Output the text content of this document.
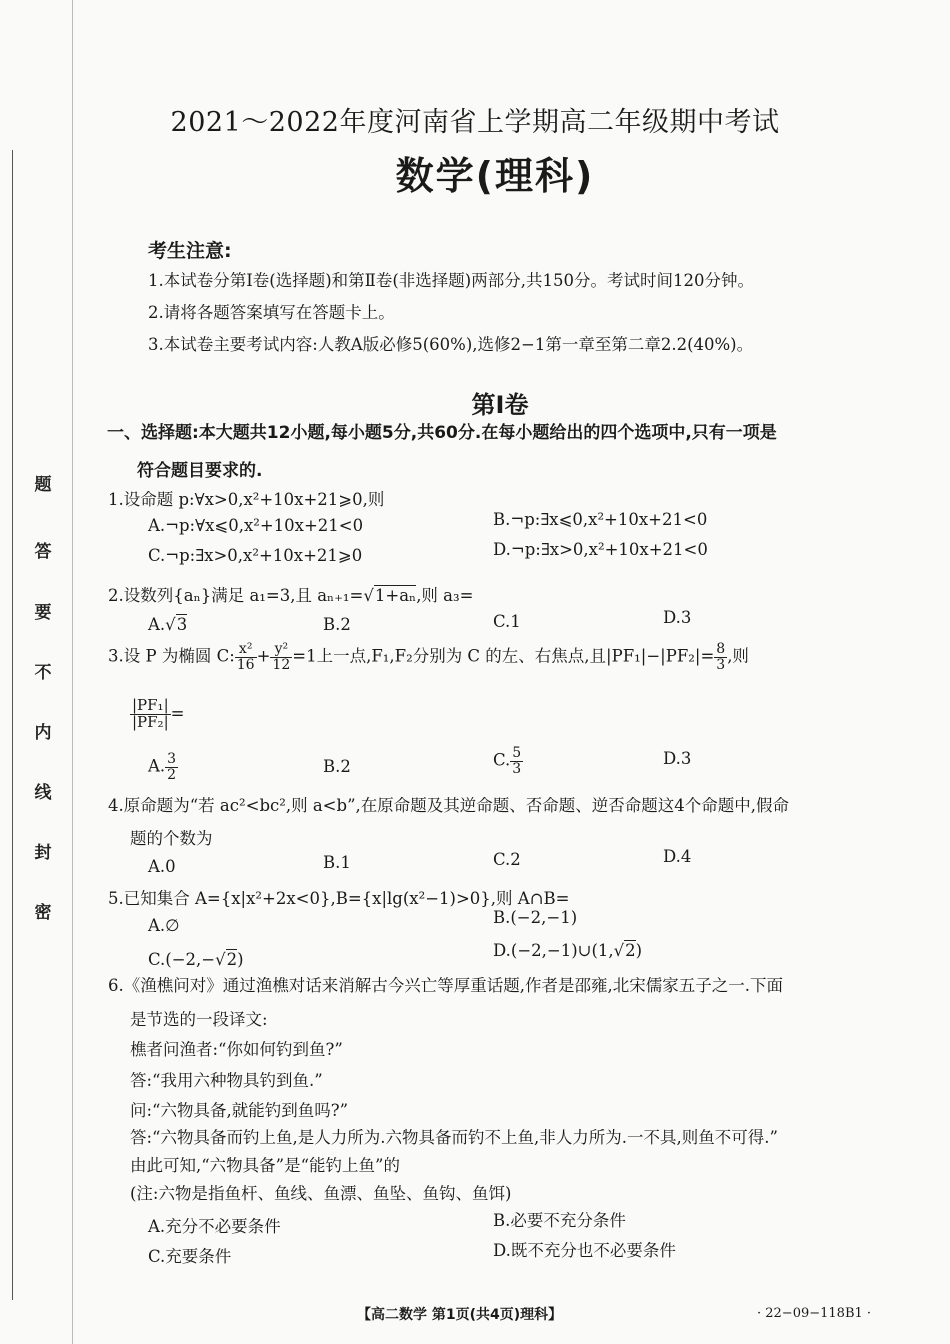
题
答
要
不
内
线
封
密
2021～2022年度河南省上学期高二年级期中考试
数学(理科)
考生注意:
1.本试卷分第Ⅰ卷(选择题)和第Ⅱ卷(非选择题)两部分,共150分。考试时间120分钟。
2.请将各题答案填写在答题卡上。
3.本试卷主要考试内容:人教A版必修5(60%),选修2−1第一章至第二章2.2(40%)。
第Ⅰ卷
一、选择题:本大题共12小题,每小题5分,共60分.在每小题给出的四个选项中,只有一项是
符合题目要求的.
1.设命题 p:∀x>0,x²+10x+21⩾0,则
A.¬p:∀x⩽0,x²+10x+21<0	B.¬p:∃x⩽0,x²+10x+21<0
C.¬p:∃x>0,x²+10x+21⩾0	D.¬p:∃x>0,x²+10x+21<0
2.设数列{aₙ}满足 a₁=3,且 aₙ₊₁=√1+aₙ,则 a₃=
A.√3	B.2	C.1	D.3
3.设 P 为椭圆 C: $\frac{\text{x²}}{16} + \frac{\text{y²}}{12} =1$上一点,F₁,F₂分别为 C 的左、右焦点,且$|PF_1|-|PF_2|= \frac{8}{3}$ ,则
$\frac{\text{|PF₁|}}{\text{|PF₂|}}$ =
A. $\frac{3}{2}$	B.2	C. $\frac{5}{3}$	D.3
4.原命题为“若 ac²<bc²,则 a<b”,在原命题及其逆命题、否命题、逆否命题这4个命题中,假命
题的个数为
A.0	B.1	C.2	D.4
5.已知集合 A={x|x²+2x<0},B={x|lg(x²−1)>0},则 A∩B=
A.∅	B.(−2,−1)
C.(−2,−√2)	D.(−2,−1)∪(1,√2)
6.《渔樵问对》通过渔樵对话来消解古今兴亡等厚重话题,作者是邵雍,北宋儒家五子之一.下面
是节选的一段译文:
樵者问渔者:“你如何钓到鱼?”
答:“我用六种物具钓到鱼.”
问:“六物具备,就能钓到鱼吗?”
答:“六物具备而钓上鱼,是人力所为.六物具备而钓不上鱼,非人力所为.一不具,则鱼不可得.”
由此可知,“六物具备”是“能钓上鱼”的
(注:六物是指鱼杆、鱼线、鱼漂、鱼坠、鱼钩、鱼饵)
A.充分不必要条件	B.必要不充分条件
C.充要条件	D.既不充分也不必要条件
【高二数学 第1页(共4页)理科】	· 22−09−118B1 ·
